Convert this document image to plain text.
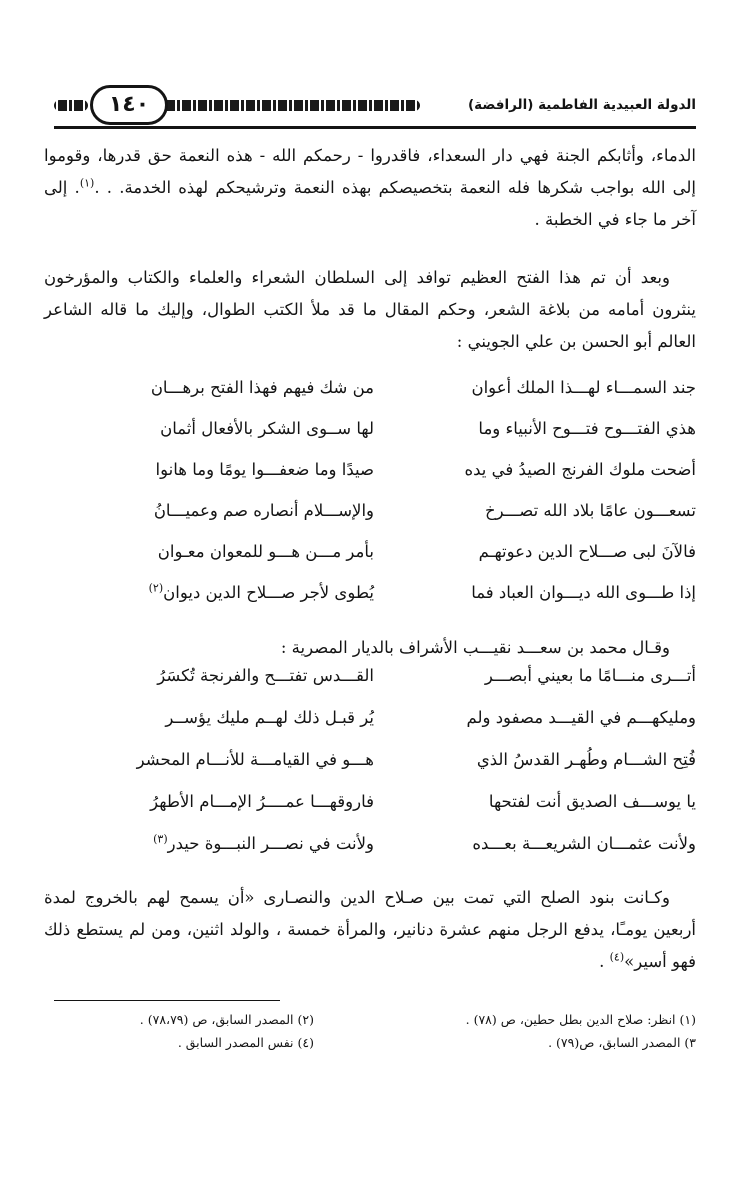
الدولة العبيدية الفاطمية (الرافضة)
١٤٠

الدماء، وأثابكم الجنة فهي دار السعداء، فاقدروا - رحمكم الله - هذه النعمة حق قدرها، وقوموا إلى الله بواجب شكرها فله النعمة بتخصيصكم بهذه النعمة وترشيحكم لهذه الخدمة. . .$^{(١)}$. إلى آخر ما جاء في الخطبة .

وبعد أن تم هذا الفتح العظيم توافد إلى السلطان الشعراء والعلماء والكتاب والمؤرخون ينثرون أمامه من بلاغة الشعر، وحكم المقال ما قد ملأ الكتب الطوال، وإليك ما قاله الشاعر العالم أبو الحسن بن علي الجويني :

جند السمـــاء لهـــذا الملك أعوان
من شك فيهم فهذا الفتح برهـــان
هذي الفتـــوح فتـــوح الأنبياء وما
لها ســوى الشكر بالأفعال أثمان
أضحت ملوك الفرنج الصيدُ في يده
صيدًا وما ضعفـــوا يومًا وما هانوا
تسعـــون عامًا بلاد الله تصـــرخ
والإســـلام أنصاره صم وعميـــانُ
فالآنَ لبى صـــلاح الدين دعوتهـم
بأمر مـــن هـــو للمعوان معـوان
إذا طـــوى الله ديـــوان العباد فما
يُطوى لأجر صـــلاح الدين ديوان$^{(٢)}$

وقـال محمد بن سعـــد نقيـــب الأشراف بالديار المصرية :

أتـــرى منـــامًا ما بعيني أبصـــر
القـــدس تفتـــح والفرنجة تُكسَرُ
ومليكهـــم في القيـــد مصفود ولم
يُر قبـل ذلك لهــم مليك يؤســر
فُتِح الشـــام وطُهـر القدسُ الذي
هـــو في القيامـــة للأنـــام المحشر
يا يوســـف الصديق أنت لفتحها
فاروقهـــا عمــــرُ الإمـــام الأطهرُ
ولأنت عثمـــان الشريعـــة بعـــده
ولأنت في نصـــر النبـــوة حيدر$^{(٣)}$

وكـانت بنود الصلح التي تمت بين صـلاح الدين والنصـارى «أن يسمح لهم بالخروج لمدة أربعين يومـًا، يدفع الرجل منهم عشرة دنانير، والمرأة خمسة ، والولد اثنين، ومن لم يستطع ذلك فهو أسير»$^{(٤)}$ .

(١) انظر: صلاح الدين بطل حطين، ص (٧٨) .
(٢) المصدر السابق، ص (٧٨،٧٩) .
٣) المصدر السابق، ص(٧٩) .
(٤) نفس المصدر السابق .
